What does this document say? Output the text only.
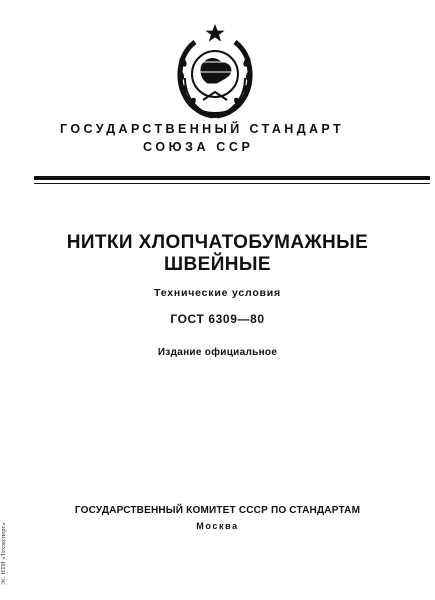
ГОСУДАРСТВЕННЫЙ СТАНДАРТ
СОЮЗА ССР
НИТКИ ХЛОПЧАТОБУМАЖНЫЕ
ШВЕЙНЫЕ
Технические условия
ГОСТ 6309—80
Издание официальное
ГОСУДАРСТВЕННЫЙ КОМИТЕТ СССР ПО СТАНДАРТАМ
Москва
ЭС НТИ «Техэксперт»
